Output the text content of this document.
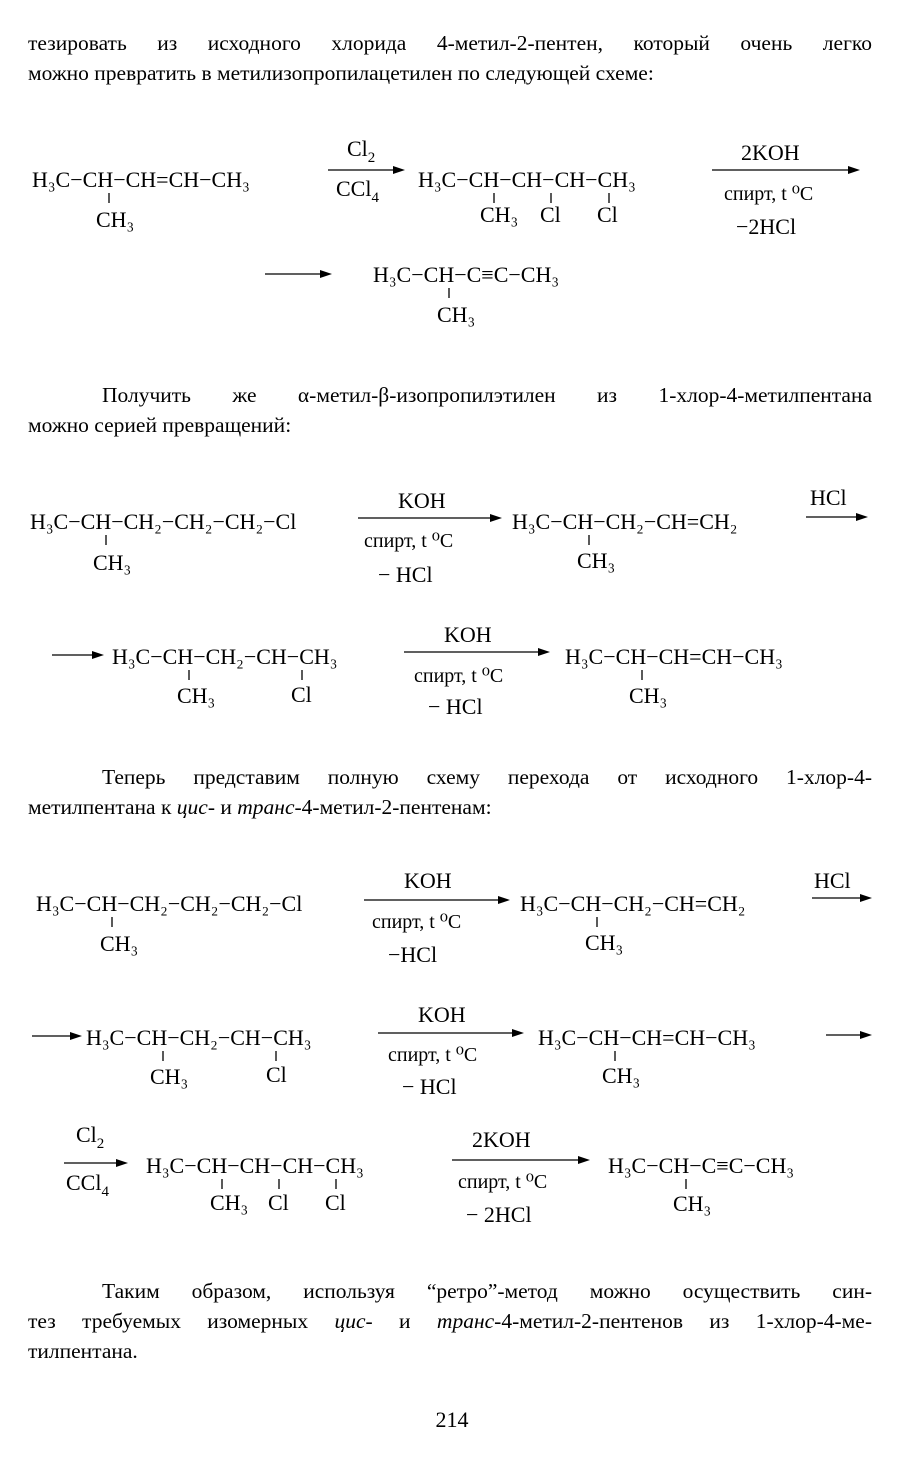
тезировать из исходного хлорида 4-метил-2-пентен, который очень легко
можно превратить в метилизопропилацетилен по следующей схеме:
Получить же α-метил-β-изопропилэтилен из 1-хлор-4-метилпентана
можно серией превращений:
Теперь представим полную схему перехода от исходного 1-хлор-4-
метилпентана к цис- и транс-4-метил-2-пентенам:
Таким образом, используя “ретро”-метод можно осуществить син-
тез требуемых изомерных цис- и транс-4-метил-2-пентенов из 1-хлор-4-ме-
тилпентана.
H₃C−CH−CH=CH−CH₃
CH₃
$Cl_2$
CCl$_4$
H₃C−CH−CH−CH−CH₃
CH₃ Cl Cl
2KOH
спирт, t ⁰C
−2HCl
H₃C−CH−C≡C−CH₃
CH₃
H₃C−CH−CH₂−CH₂−CH₂−Cl
CH₃
KOH
спирт, t ⁰C
− HCl
H₃C−CH−CH₂−CH=CH₂
CH₃
HCl
H₃C−CH−CH₂−CH−CH₃
CH₃	Cl
KOH
спирт, t ⁰C
− HCl
H₃C−CH−CH=CH−CH₃
CH₃
H₃C−CH−CH₂−CH₂−CH₂−Cl
CH₃
KOH
спирт, t ⁰C
−HCl
H₃C−CH−CH₂−CH=CH₂
CH₃
HCl
H₃C−CH−CH₂−CH−CH₃
CH₃	Cl
KOH
спирт, t ⁰C
− HCl
H₃C−CH−CH=CH−CH₃
CH₃
$Cl_2$
CCl$_4$
H₃C−CH−CH−CH−CH₃
CH₃ Cl Cl
2KOH
спирт, t ⁰C
− 2HCl
H₃C−CH−C≡C−CH₃
CH₃
214
